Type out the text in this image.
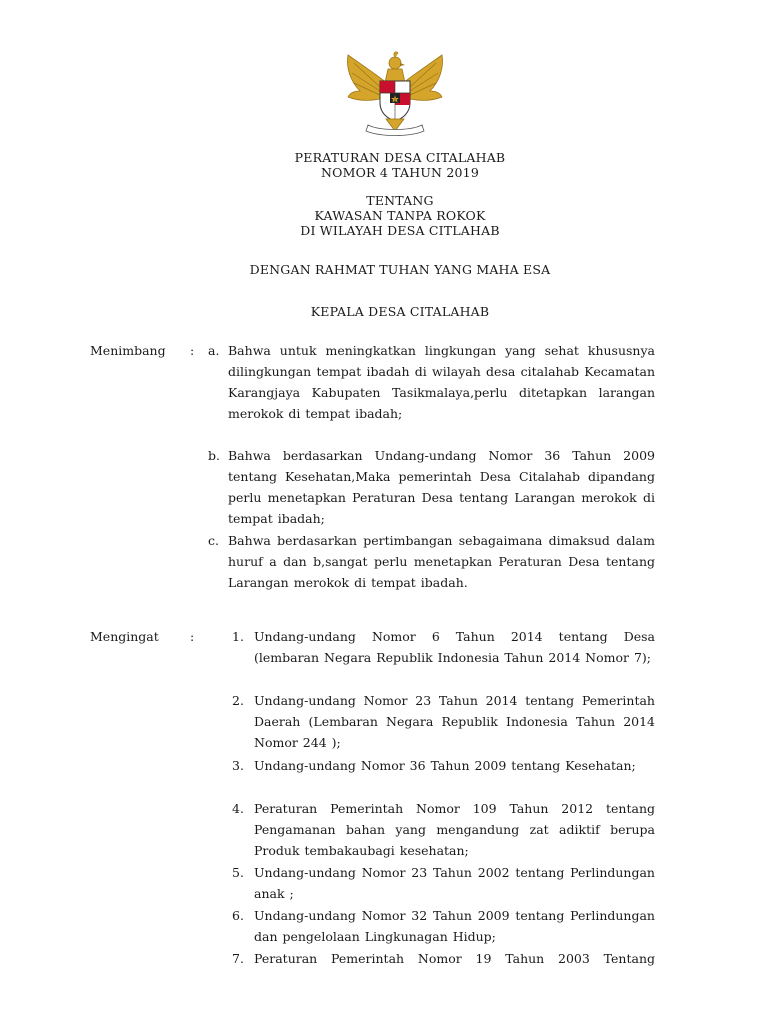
PERATURAN DESA CITALAHAB
NOMOR 4 TAHUN 2019
TENTANG
KAWASAN TANPA ROKOK
DI WILAYAH DESA CITLAHAB
DENGAN RAHMAT TUHAN YANG MAHA ESA
KEPALA DESA CITALAHAB
Menimbang : a. Bahwa untuk meningkatkan lingkungan yang sehat khususnya dilingkungan tempat ibadah di wilayah desa citalahab Kecamatan Karangjaya Kabupaten Tasikmalaya,perlu ditetapkan larangan merokok di tempat ibadah;
b. Bahwa berdasarkan Undang-undang Nomor 36 Tahun 2009 tentang Kesehatan,Maka pemerintah Desa Citalahab dipandang perlu menetapkan Peraturan Desa tentang Larangan merokok di tempat ibadah;
c. Bahwa berdasarkan pertimbangan sebagaimana dimaksud dalam huruf a dan b,sangat perlu menetapkan Peraturan Desa tentang Larangan merokok di tempat ibadah.
Mengingat :	1. Undang-undang Nomor 6 Tahun 2014 tentang Desa (lembaran Negara Republik Indonesia Tahun 2014 Nomor 7);
2. Undang-undang Nomor 23 Tahun 2014 tentang Pemerintah Daerah (Lembaran Negara Republik Indonesia Tahun 2014 Nomor 244 );
3. Undang-undang Nomor 36 Tahun 2009 tentang Kesehatan;
4. Peraturan Pemerintah Nomor 109 Tahun 2012 tentang Pengamanan bahan yang mengandung zat adiktif berupa Produk tembakaubagi kesehatan;
5. Undang-undang Nomor 23 Tahun 2002 tentang Perlindungan anak ;
6. Undang-undang Nomor 32 Tahun 2009 tentang Perlindungan dan pengelolaan Lingkunagan Hidup;
7. Peraturan Pemerintah Nomor 19 Tahun 2003 Tentang
